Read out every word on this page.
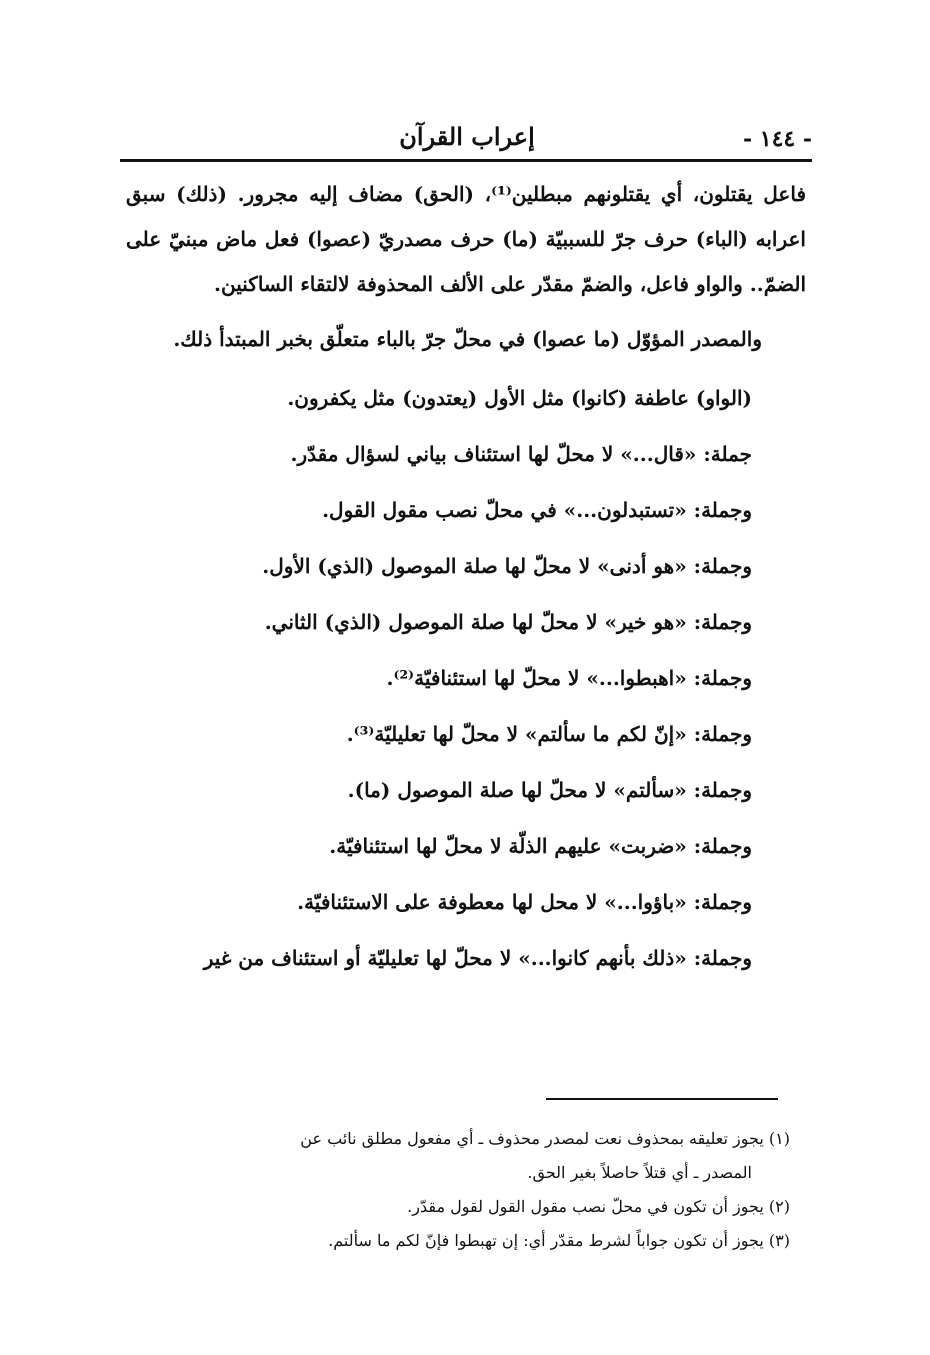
- ١٤٤ -
إعراب القرآن

فاعل يقتلون، أي يقتلونهم مبطلين⁽¹⁾، (الحق) مضاف إليه مجرور. (ذلك) سبق اعرابه (الباء) حرف جرّ للسببيّة (ما) حرف مصدريّ (عصوا) فعل ماض مبنيّ على الضمّ.. والواو فاعل، والضمّ مقدّر على الألف المحذوفة لالتقاء الساكنين.

والمصدر المؤوّل (ما عصوا) في محلّ جرّ بالباء متعلّق بخبر المبتدأ ذلك.

(الواو) عاطفة (كانوا) مثل الأول (يعتدون) مثل يكفرون.

جملة: «قال...» لا محلّ لها استئناف بياني لسؤال مقدّر.

وجملة: «تستبدلون...» في محلّ نصب مقول القول.

وجملة: «هو أدنى» لا محلّ لها صلة الموصول (الذي) الأول.

وجملة: «هو خير» لا محلّ لها صلة الموصول (الذي) الثاني.

وجملة: «اهبطوا...» لا محلّ لها استئنافيّة⁽²⁾.

وجملة: «إنّ لكم ما سألتم» لا محلّ لها تعليليّة⁽³⁾.

وجملة: «سألتم» لا محلّ لها صلة الموصول (ما).

وجملة: «ضربت» عليهم الذلّة لا محلّ لها استئنافيّة.

وجملة: «باؤوا...» لا محل لها معطوفة على الاستئنافيّة.

وجملة: «ذلك بأنهم كانوا...» لا محلّ لها تعليليّة أو استئناف من غير

(١) يجوز تعليقه بمحذوف نعت لمصدر محذوف ـ أي مفعول مطلق نائب عن
المصدر ـ أي قتلاً حاصلاً بغير الحق.
(٢) يجوز أن تكون في محلّ نصب مقول القول لقول مقدّر.
(٣) يجوز أن تكون جواباً لشرط مقدّر أي: إن تهبطوا فإنّ لكم ما سألتم.
